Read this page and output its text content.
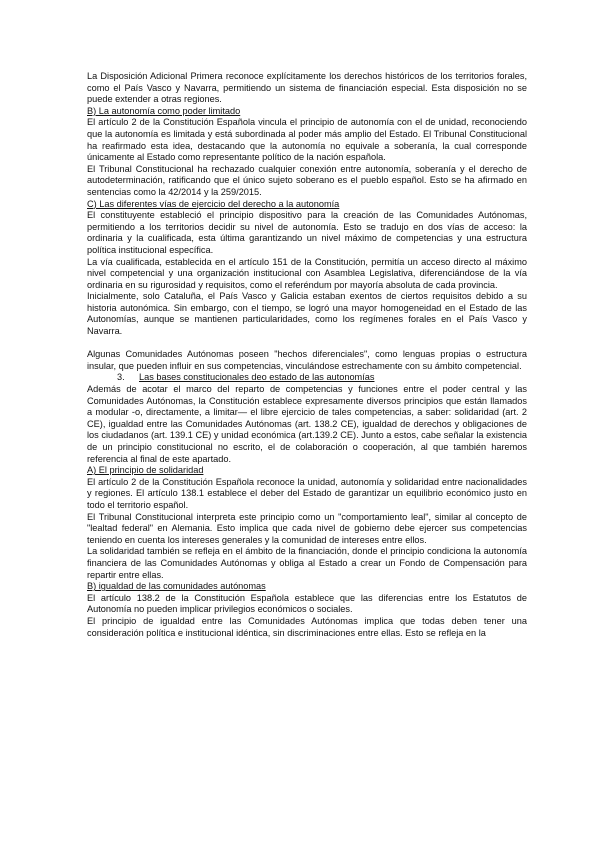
La Disposición Adicional Primera reconoce explícitamente los derechos históricos de los territorios forales, como el País Vasco y Navarra, permitiendo un sistema de financiación especial. Esta disposición no se puede extender a otras regiones.

B) La autonomía como poder limitado

El artículo 2 de la Constitución Española vincula el principio de autonomía con el de unidad, reconociendo que la autonomía es limitada y está subordinada al poder más amplio del Estado. El Tribunal Constitucional ha reafirmado esta idea, destacando que la autonomía no equivale a soberanía, la cual corresponde únicamente al Estado como representante político de la nación española.

El Tribunal Constitucional ha rechazado cualquier conexión entre autonomía, soberanía y el derecho de autodeterminación, ratificando que el único sujeto soberano es el pueblo español. Esto se ha afirmado en sentencias como la 42/2014 y la 259/2015.

C) Las diferentes vías de ejercicio del derecho a la autonomía

El constituyente estableció el principio dispositivo para la creación de las Comunidades Autónomas, permitiendo a los territorios decidir su nivel de autonomía. Esto se tradujo en dos vías de acceso: la ordinaria y la cualificada, esta última garantizando un nivel máximo de competencias y una estructura política institucional específica.

La vía cualificada, establecida en el artículo 151 de la Constitución, permitía un acceso directo al máximo nivel competencial y una organización institucional con Asamblea Legislativa, diferenciándose de la vía ordinaria en su rigurosidad y requisitos, como el referéndum por mayoría absoluta de cada provincia.

Inicialmente, solo Cataluña, el País Vasco y Galicia estaban exentos de ciertos requisitos debido a su historia autonómica. Sin embargo, con el tiempo, se logró una mayor homogeneidad en el Estado de las Autonomías, aunque se mantienen particularidades, como los regímenes forales en el País Vasco y Navarra.

Algunas Comunidades Autónomas poseen "hechos diferenciales", como lenguas propias o estructura insular, que pueden influir en sus competencias, vinculándose estrechamente con su ámbito competencial.

3. Las bases constitucionales deo estado de las autonomías

Además de acotar el marco del reparto de competencias y funciones entre el poder central y las Comunidades Autónomas, la Constitución establece expresamente diversos principios que están llamados a modular -o, directamente, a limitar— el libre ejercicio de tales competencias, a saber: solidaridad (art. 2 CE), igualdad entre las Comunidades Autónomas (art. 138.2 CE), igualdad de derechos y obligaciones de los ciudadanos (art. 139.1 CE) y unidad económica (art.139.2 CE). Junto a estos, cabe señalar la existencia de un principio constitucional no escrito, el de colaboración o cooperación, al que también haremos referencia al final de este apartado.

A) El principio de solidaridad

El artículo 2 de la Constitución Española reconoce la unidad, autonomía y solidaridad entre nacionalidades y regiones. El artículo 138.1 establece el deber del Estado de garantizar un equilibrio económico justo en todo el territorio español.

El Tribunal Constitucional interpreta este principio como un "comportamiento leal", similar al concepto de "lealtad federal" en Alemania. Esto implica que cada nivel de gobierno debe ejercer sus competencias teniendo en cuenta los intereses generales y la comunidad de intereses entre ellos.

La solidaridad también se refleja en el ámbito de la financiación, donde el principio condiciona la autonomía financiera de las Comunidades Autónomas y obliga al Estado a crear un Fondo de Compensación para repartir entre ellas.

B) igualdad de las comunidades autónomas

El artículo 138.2 de la Constitución Española establece que las diferencias entre los Estatutos de Autonomía no pueden implicar privilegios económicos o sociales.

El principio de igualdad entre las Comunidades Autónomas implica que todas deben tener una consideración política e institucional idéntica, sin discriminaciones entre ellas. Esto se refleja en la
